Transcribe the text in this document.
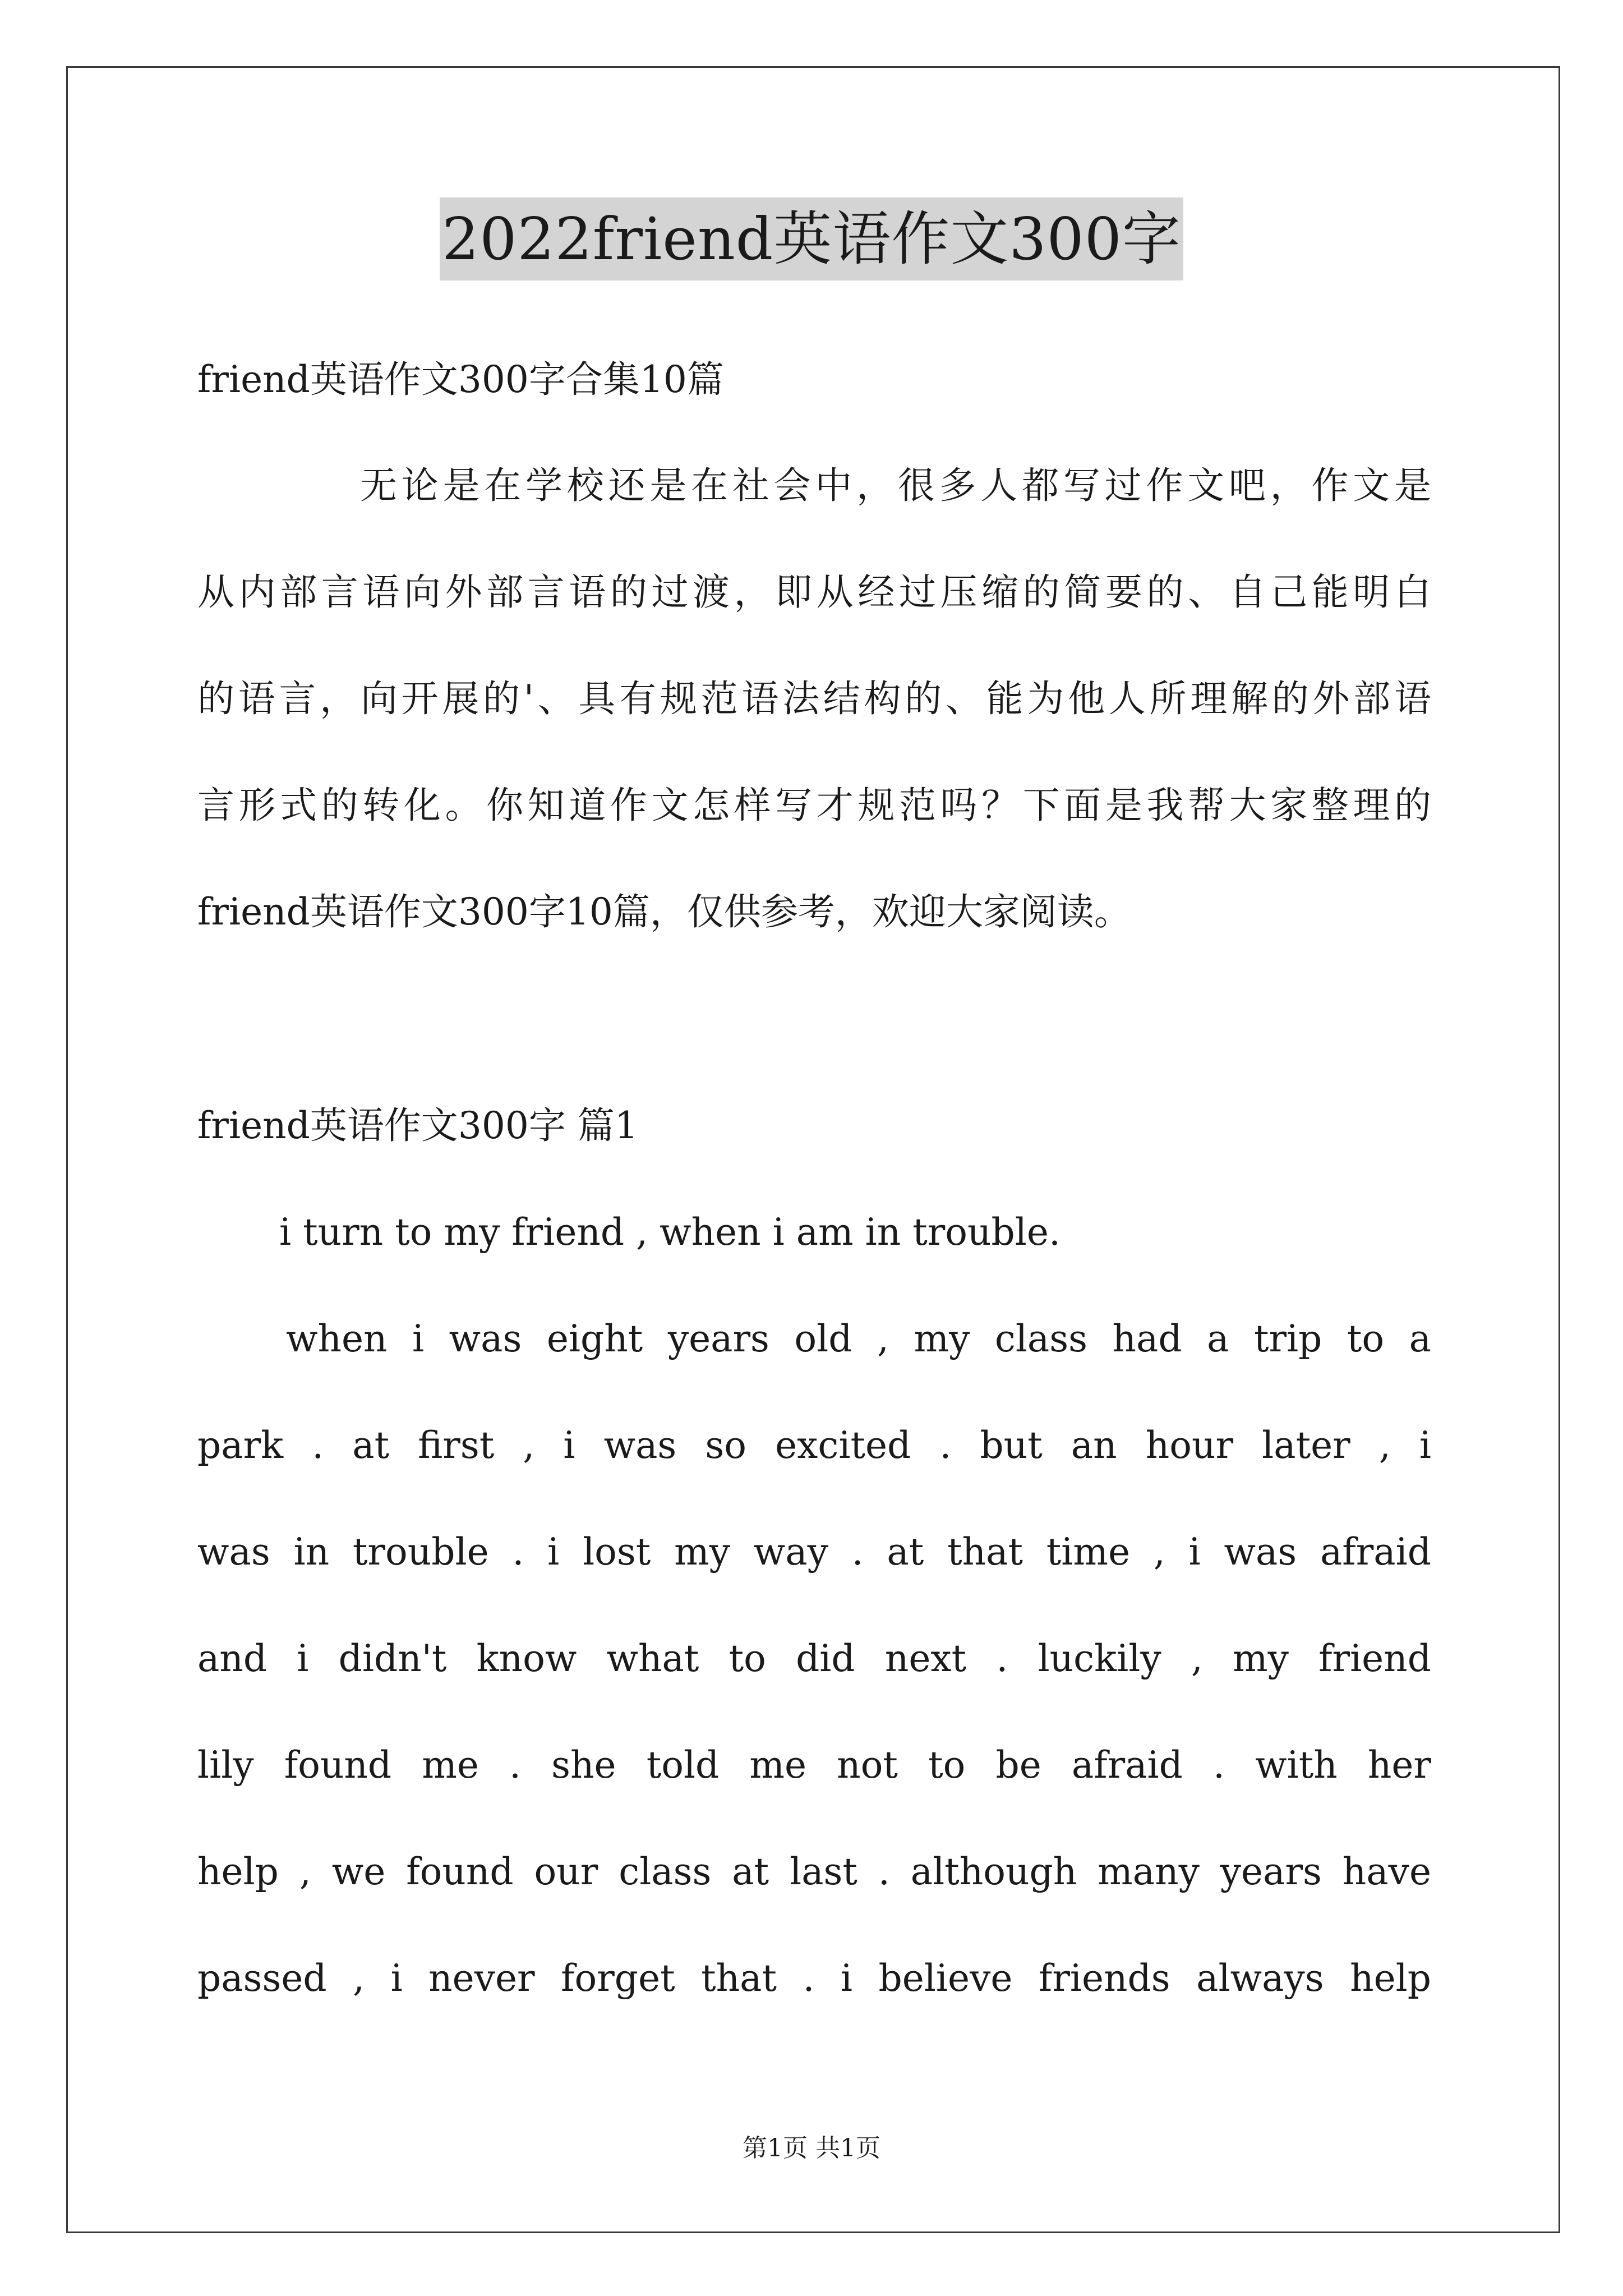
2022friend英语作文300字
friend英语作文300字合集10篇
无论是在学校还是在社会中，很多人都写过作文吧，作文是
从内部言语向外部言语的过渡，即从经过压缩的简要的、自己能明白
的语言，向开展的'、具有规范语法结构的、能为他人所理解的外部语
言形式的转化。你知道作文怎样写才规范吗？下面是我帮大家整理的
friend英语作文300字10篇，仅供参考，欢迎大家阅读。
friend英语作文300字 篇1
i turn to my friend , when i am in trouble.
when i was eight years old , my class had a trip to a
park . at first , i was so excited . but an hour later , i
was in trouble . i lost my way . at that time , i was afraid
and i didn't know what to did next . luckily , my friend
lily found me . she told me not to be afraid . with her
help , we found our class at last . although many years have
passed , i never forget that . i believe friends always help
第1页 共1页
